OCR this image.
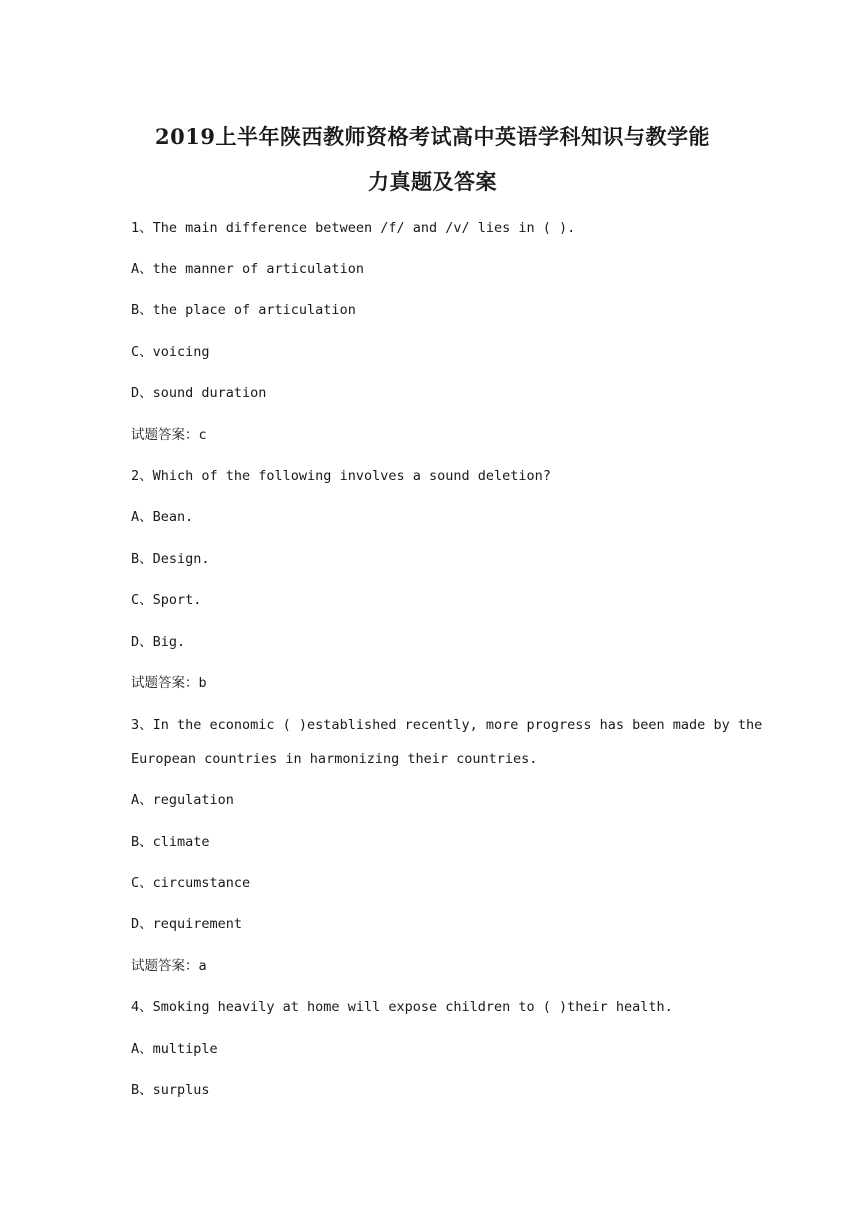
2019上半年陕西教师资格考试高中英语学科知识与教学能
力真题及答案

1、The main difference between /f/ and /v/ lies in ( ).

A、the manner of articulation

B、the place of articulation

C、voicing

D、sound duration

试题答案：c

2、Which of the following involves a sound deletion?

A、Bean.

B、Design.

C、Sport.

D、Big.

试题答案：b

3、In the economic ( )established recently, more progress has been made by the

European countries in harmonizing their countries.

A、regulation

B、climate

C、circumstance

D、requirement

试题答案：a

4、Smoking heavily at home will expose children to ( )their health.

A、multiple

B、surplus
